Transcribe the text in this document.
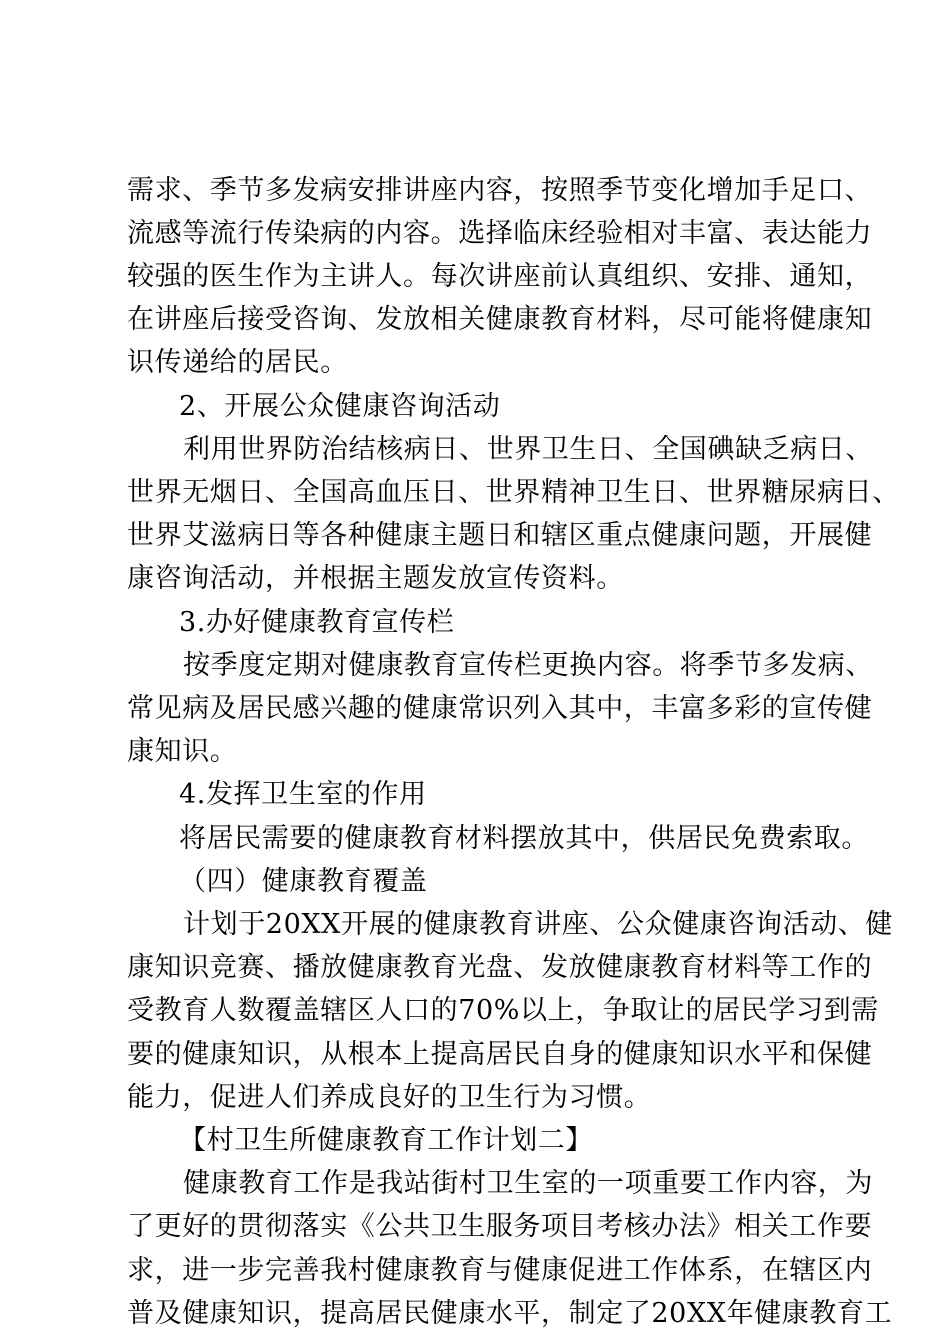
需求、季节多发病安排讲座内容，按照季节变化增加手足口、
流感等流行传染病的内容。选择临床经验相对丰富、表达能力
较强的医生作为主讲人。每次讲座前认真组织、安排、通知，
在讲座后接受咨询、发放相关健康教育材料，尽可能将健康知
识传递给的居民。
2、开展公众健康咨询活动
利用世界防治结核病日、世界卫生日、全国碘缺乏病日、
世界无烟日、全国高血压日、世界精神卫生日、世界糖尿病日、
世界艾滋病日等各种健康主题日和辖区重点健康问题，开展健
康咨询活动，并根据主题发放宣传资料。
3.办好健康教育宣传栏
按季度定期对健康教育宣传栏更换内容。将季节多发病、
常见病及居民感兴趣的健康常识列入其中，丰富多彩的宣传健
康知识。
4.发挥卫生室的作用
将居民需要的健康教育材料摆放其中，供居民免费索取。
（四）健康教育覆盖
计划于20XX开展的健康教育讲座、公众健康咨询活动、健
康知识竞赛、播放健康教育光盘、发放健康教育材料等工作的
受教育人数覆盖辖区人口的70%以上，争取让的居民学习到需
要的健康知识，从根本上提高居民自身的健康知识水平和保健
能力，促进人们养成良好的卫生行为习惯。
【村卫生所健康教育工作计划二】
健康教育工作是我站街村卫生室的一项重要工作内容，为
了更好的贯彻落实《公共卫生服务项目考核办法》相关工作要
求，进一步完善我村健康教育与健康促进工作体系，在辖区内
普及健康知识，提高居民健康水平，制定了20XX年健康教育工
